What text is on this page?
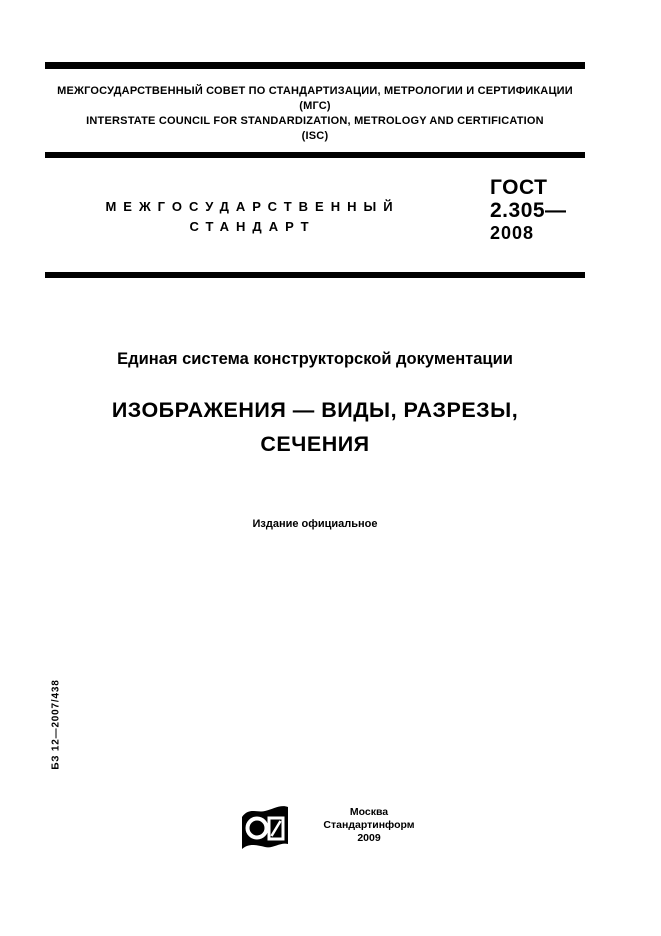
МЕЖГОСУДАРСТВЕННЫЙ СОВЕТ ПО СТАНДАРТИЗАЦИИ, МЕТРОЛОГИИ И СЕРТИФИКАЦИИ
(МГС)
INTERSTATE COUNCIL FOR STANDARDIZATION, METROLOGY AND CERTIFICATION
(ISC)
МЕЖГОСУДАРСТВЕННЫЙ
СТАНДАРТ
ГОСТ
2.305—
2008
Единая система конструкторской документации
ИЗОБРАЖЕНИЯ — ВИДЫ, РАЗРЕЗЫ,
СЕЧЕНИЯ
Издание официальное
БЗ 12—2007/438
Москва
Стандартинформ
2009
